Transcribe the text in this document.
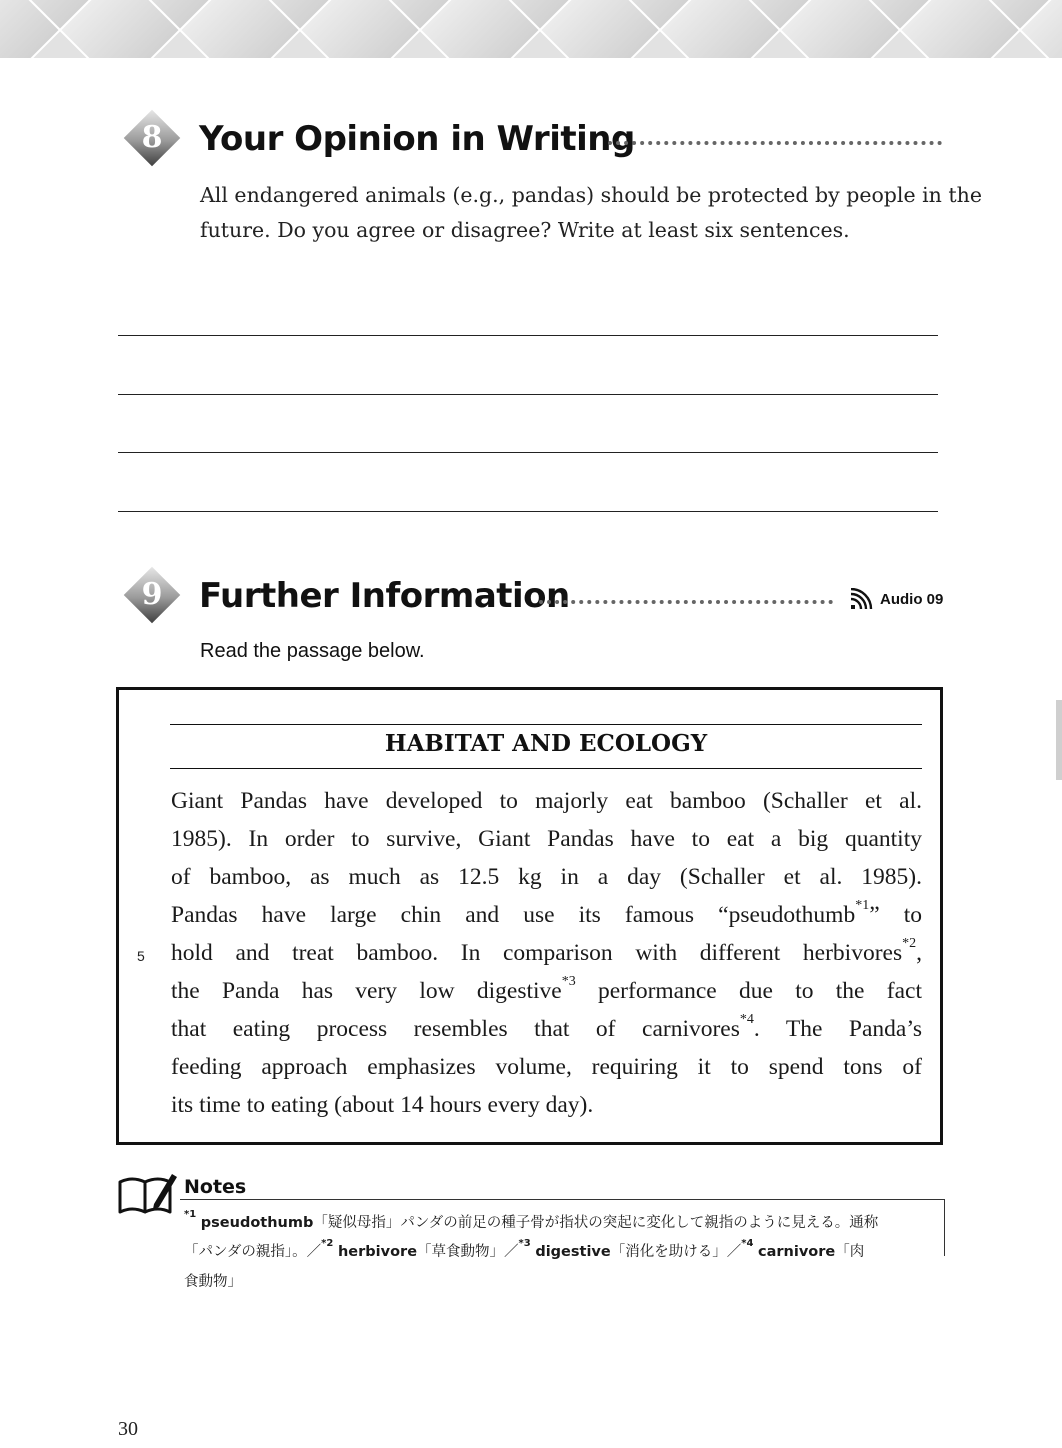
8	Your Opinion in Writing
All endangered animals (e.g., pandas) should be protected by people in the
future. Do you agree or disagree? Write at least six sentences.
9	Further Information	Audio 09
Read the passage below.
HABITAT AND ECOLOGY
Giant Pandas have developed to majorly eat bamboo (Schaller et al.
1985). In order to survive, Giant Pandas have to eat a big quantity
of bamboo, as much as 12.5 kg in a day (Schaller et al. 1985).
Pandas have large chin and use its famous “pseudothumb$^{*1}$” to
5 hold and treat bamboo. In comparison with different herbivores$^{*2}$,
the Panda has very low digestive$^{*3}$ performance due to the fact
that eating process resembles that of carnivores$^{*4}$. The Panda’s
feeding approach emphasizes volume, requiring it to spend tons of
its time to eating (about 14 hours every day).
Notes
$^{*1}$ pseudothumb「疑似母指」パンダの前足の種子骨が指状の突起に変化して親指のように見える。通称
「パンダの親指」。／$^{*2}$ herbivore「草食動物」／$^{*3}$ digestive「消化を助ける」／$^{*4}$ carnivore「肉
食動物」
30
